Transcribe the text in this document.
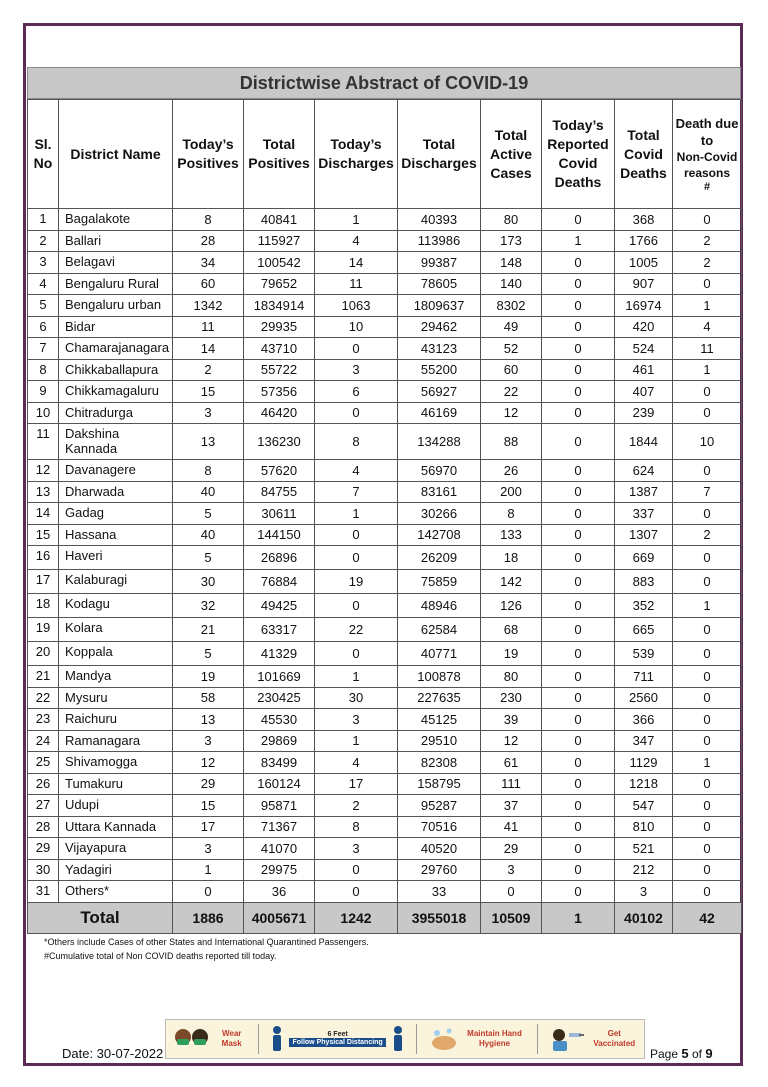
Districtwise Abstract of COVID-19
Sl. No	District Name	Today’s Positives	Total Positives	Today’s Discharges	Total Discharges	Total Active Cases	Today’s Reported Covid Deaths	Total Covid Deaths	Death due to
Non-Covid reasons
#

1	Bagalakote	8	40841	1	40393	80	0	368	0
2	Ballari	28	115927	4	113986	173	1	1766	2
3	Belagavi	34	100542	14	99387	148	0	1005	2
4	Bengaluru Rural	60	79652	11	78605	140	0	907	0
5	Bengaluru urban	1342	1834914	1063	1809637	8302	0	16974	1
6	Bidar	11	29935	10	29462	49	0	420	4
7	Chamarajanagara	14	43710	0	43123	52	0	524	11
8	Chikkaballapura	2	55722	3	55200	60	0	461	1
9	Chikkamagaluru	15	57356	6	56927	22	0	407	0
10	Chitradurga	3	46420	0	46169	12	0	239	0
11	Dakshina Kannada	13	136230	8	134288	88	0	1844	10
12	Davanagere	8	57620	4	56970	26	0	624	0
13	Dharwada	40	84755	7	83161	200	0	1387	7
14	Gadag	5	30611	1	30266	8	0	337	0
15	Hassana	40	144150	0	142708	133	0	1307	2
16	Haveri	5	26896	0	26209	18	0	669	0
17	Kalaburagi	30	76884	19	75859	142	0	883	0
18	Kodagu	32	49425	0	48946	126	0	352	1
19	Kolara	21	63317	22	62584	68	0	665	0
20	Koppala	5	41329	0	40771	19	0	539	0
21	Mandya	19	101669	1	100878	80	0	711	0
22	Mysuru	58	230425	30	227635	230	0	2560	0
23	Raichuru	13	45530	3	45125	39	0	366	0
24	Ramanagara	3	29869	1	29510	12	0	347	0
25	Shivamogga	12	83499	4	82308	61	0	1129	1
26	Tumakuru	29	160124	17	158795	111	0	1218	0
27	Udupi	15	95871	2	95287	37	0	547	0
28	Uttara Kannada	17	71367	8	70516	41	0	810	0
29	Vijayapura	3	41070	3	40520	29	0	521	0
30	Yadagiri	1	29975	0	29760	3	0	212	0
31	Others*	0	36	0	33	0	0	3	0
Total		1886	4005671	1242	3955018	10509	1	40102	42
*Others include Cases of other States and International Quarantined Passengers.
#Cumulative total of Non COVID deaths reported till today.
Wear Mask
6 Feet
Follow Physical Distancing
Maintain Hand Hygiene
Get Vaccinated
Date: 30-07-2022	Page 5 of 9
